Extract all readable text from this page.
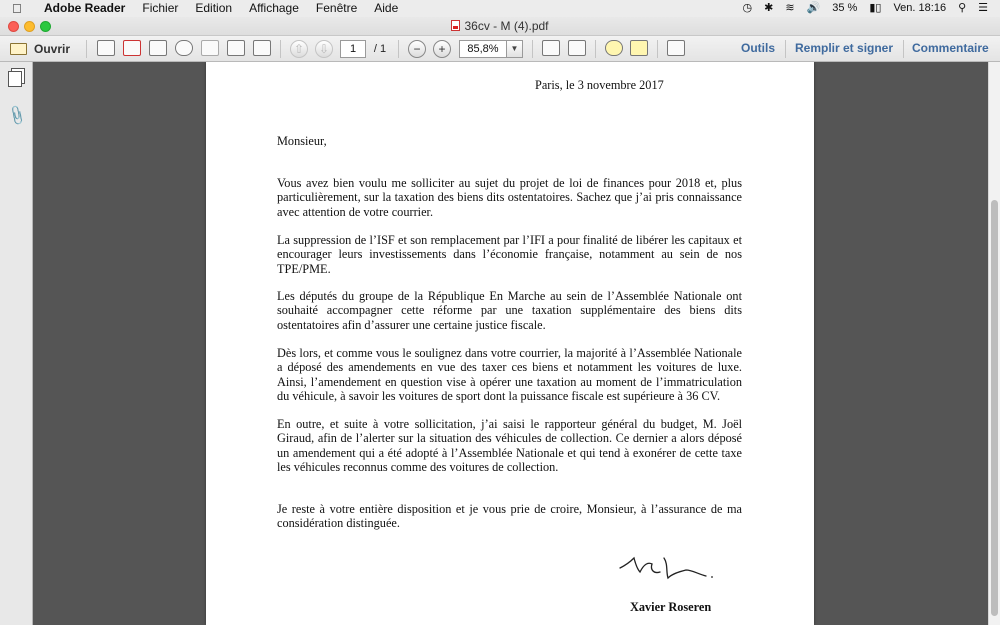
Adobe Reader Fichier Edition Affichage Fenêtre Aide	◷ ✱ ≋ 🔊 35 % ▮▯ Ven. 18:16 ⚲ ☰
36cv - M (4).pdf
Ouvrir	⇧	⇩	1	/ 1	−	+	85,8%	▼	Outils Remplir et signer Commentaire
📎
Paris, le 3 novembre 2017
Monsieur,

Vous avez bien voulu me solliciter au sujet du projet de loi de finances pour 2018 et, plus particulièrement, sur la taxation des biens dits ostentatoires. Sachez que j’ai pris connaissance avec attention de votre courrier.

La suppression de l’ISF et son remplacement par l’IFI a pour finalité de libérer les capitaux et encourager leurs investissements dans l’économie française, notamment au sein de nos TPE/PME.

Les députés du groupe de la République En Marche au sein de l’Assemblée Nationale ont souhaité accompagner cette réforme par une taxation supplémentaire des biens dits ostentatoires afin d’assurer une certaine justice fiscale.

Dès lors, et comme vous le soulignez dans votre courrier, la majorité à l’Assemblée Nationale a déposé des amendements en vue des taxer ces biens et notamment les voitures de luxe. Ainsi, l’amendement en question vise à opérer une taxation au moment de l’immatriculation du véhicule, à savoir les voitures de sport dont la puissance fiscale est supérieure à 36 CV.

En outre, et suite à votre sollicitation, j’ai saisi le rapporteur général du budget, M. Joël Giraud, afin de l’alerter sur la situation des véhicules de collection. Ce dernier a alors déposé un amendement qui a été adopté à l’Assemblée Nationale et qui tend à exonérer de cette taxe les véhicules reconnus comme des voitures de collection.

Je reste à votre entière disposition et je vous prie de croire, Monsieur, à l’assurance de ma considération distinguée.

Xavier Roseren
